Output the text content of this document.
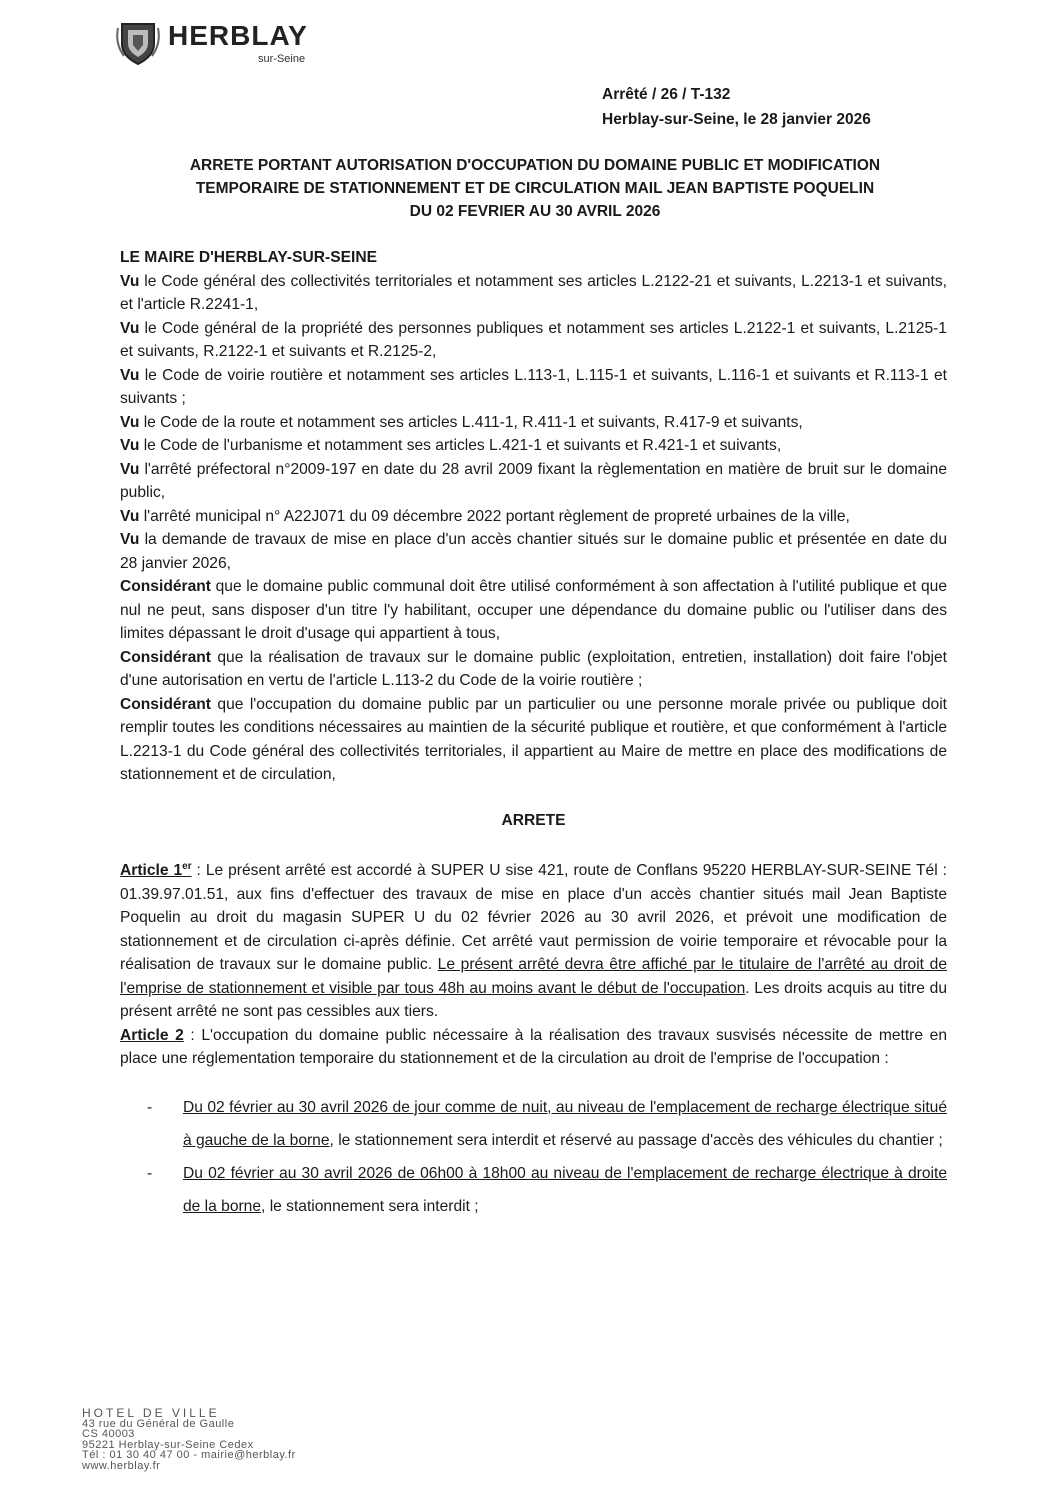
HERBLAY
sur-Seine
Arrêté / 26 / T-132
Herblay-sur-Seine, le 28 janvier 2026
ARRETE PORTANT AUTORISATION D'OCCUPATION DU DOMAINE PUBLIC ET MODIFICATION
TEMPORAIRE DE STATIONNEMENT ET DE CIRCULATION MAIL JEAN BAPTISTE POQUELIN
DU 02 FEVRIER AU 30 AVRIL 2026

LE MAIRE D'HERBLAY-SUR-SEINE

Vu le Code général des collectivités territoriales et notamment ses articles L.2122-21 et suivants, L.2213-1 et suivants, et l'article R.2241-1,

Vu le Code général de la propriété des personnes publiques et notamment ses articles L.2122-1 et suivants, L.2125-1 et suivants, R.2122-1 et suivants et R.2125-2,

Vu le Code de voirie routière et notamment ses articles L.113-1, L.115-1 et suivants, L.116-1 et suivants et R.113-1 et suivants ;

Vu le Code de la route et notamment ses articles L.411-1, R.411-1 et suivants, R.417-9 et suivants,

Vu le Code de l'urbanisme et notamment ses articles L.421-1 et suivants et R.421-1 et suivants,

Vu l'arrêté préfectoral n°2009-197 en date du 28 avril 2009 fixant la règlementation en matière de bruit sur le domaine public,

Vu l'arrêté municipal n° A22J071 du 09 décembre 2022 portant règlement de propreté urbaines de la ville,

Vu la demande de travaux de mise en place d'un accès chantier situés sur le domaine public et présentée en date du 28 janvier 2026,

Considérant que le domaine public communal doit être utilisé conformément à son affectation à l'utilité publique et que nul ne peut, sans disposer d'un titre l'y habilitant, occuper une dépendance du domaine public ou l'utiliser dans des limites dépassant le droit d'usage qui appartient à tous,

Considérant que la réalisation de travaux sur le domaine public (exploitation, entretien, installation) doit faire l'objet d'une autorisation en vertu de l'article L.113-2 du Code de la voirie routière ;

Considérant que l'occupation du domaine public par un particulier ou une personne morale privée ou publique doit remplir toutes les conditions nécessaires au maintien de la sécurité publique et routière, et que conformément à l'article L.2213-1 du Code général des collectivités territoriales, il appartient au Maire de mettre en place des modifications de stationnement et de circulation,

ARRETE

Article 1er : Le présent arrêté est accordé à SUPER U sise 421, route de Conflans 95220 HERBLAY-SUR-SEINE Tél : 01.39.97.01.51, aux fins d'effectuer des travaux de mise en place d'un accès chantier situés mail Jean Baptiste Poquelin au droit du magasin SUPER U du 02 février 2026 au 30 avril 2026, et prévoit une modification de stationnement et de circulation ci-après définie. Cet arrêté vaut permission de voirie temporaire et révocable pour la réalisation de travaux sur le domaine public. Le présent arrêté devra être affiché par le titulaire de l'arrêté au droit de l'emprise de stationnement et visible par tous 48h au moins avant le début de l'occupation. Les droits acquis au titre du présent arrêté ne sont pas cessibles aux tiers.

Article 2 : L'occupation du domaine public nécessaire à la réalisation des travaux susvisés nécessite de mettre en place une réglementation temporaire du stationnement et de la circulation au droit de l'emprise de l'occupation :

- Du 02 février au 30 avril 2026 de jour comme de nuit, au niveau de l'emplacement de recharge électrique situé à gauche de la borne, le stationnement sera interdit et réservé au passage d'accès des véhicules du chantier ;
- Du 02 février au 30 avril 2026 de 06h00 à 18h00 au niveau de l'emplacement de recharge électrique à droite de la borne, le stationnement sera interdit ;
HOTEL DE VILLE
43 rue du Général de Gaulle
CS 40003
95221 Herblay-sur-Seine Cedex
Tél : 01 30 40 47 00 - mairie@herblay.fr
www.herblay.fr
